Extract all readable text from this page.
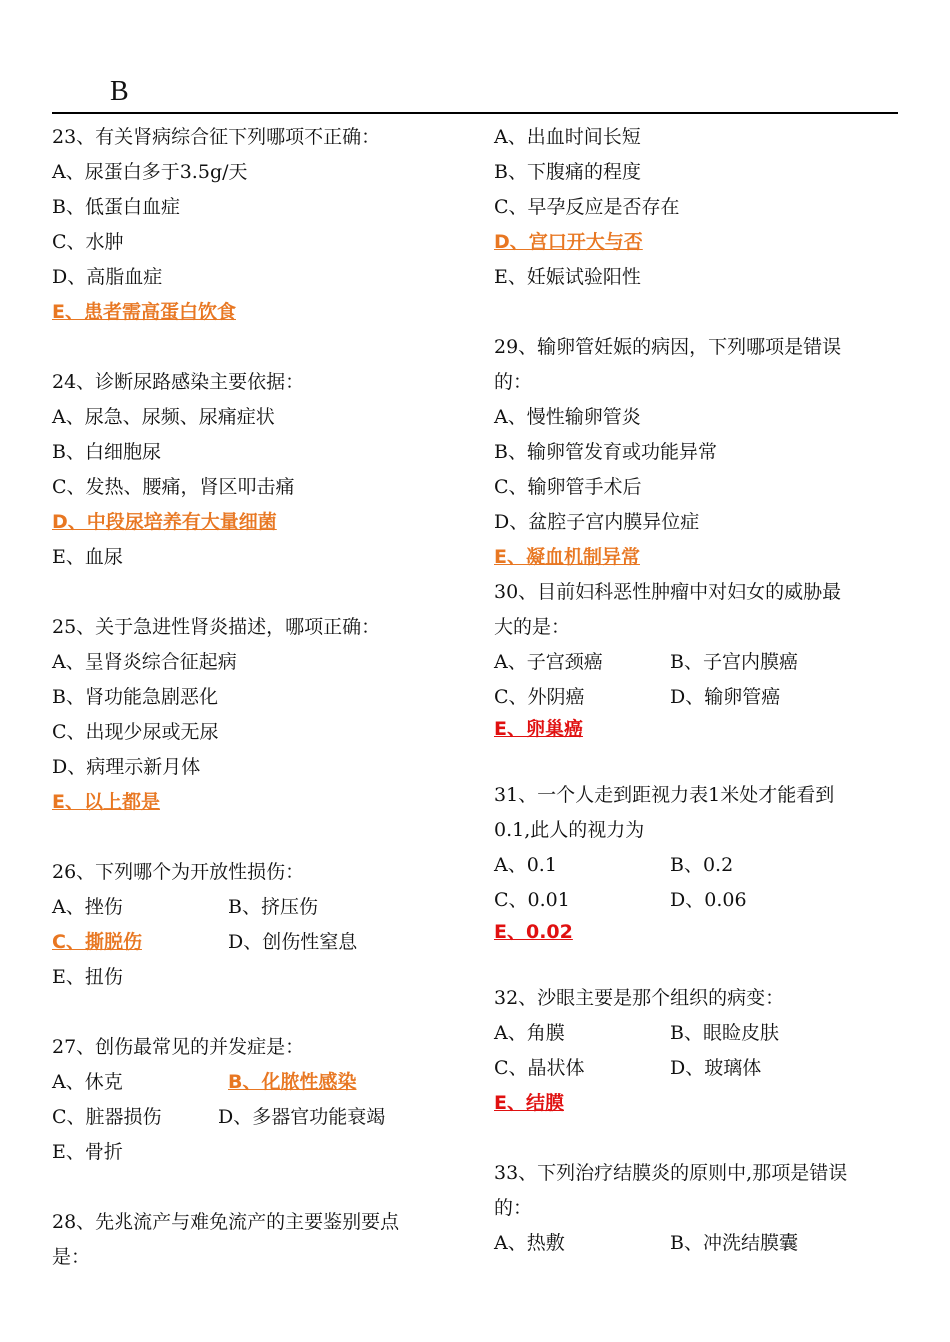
B
23、有关肾病综合征下列哪项不正确：
A、尿蛋白多于3.5g/天
B、低蛋白血症
C、水肿
D、高脂血症
E、患者需高蛋白饮食
24、诊断尿路感染主要依据：
A、尿急、尿频、尿痛症状
B、白细胞尿
C、发热、腰痛，肾区叩击痛
D、中段尿培养有大量细菌
E、血尿
25、关于急进性肾炎描述，哪项正确：
A、呈肾炎综合征起病
B、肾功能急剧恶化
C、出现少尿或无尿
D、病理示新月体
E、以上都是
26、下列哪个为开放性损伤：
A、挫伤	B、挤压伤
C、撕脱伤	D、创伤性窒息
E、扭伤
27、创伤最常见的并发症是：
A、休克	B、化脓性感染
C、脏器损伤	D、多器官功能衰竭
E、骨折
28、先兆流产与难免流产的主要鉴别要点
是：
A、出血时间长短
B、下腹痛的程度
C、早孕反应是否存在
D、宫口开大与否
E、妊娠试验阳性
29、输卵管妊娠的病因，下列哪项是错误
的：
A、慢性输卵管炎
B、输卵管发育或功能异常
C、输卵管手术后
D、盆腔子宫内膜异位症
E、凝血机制异常
30、目前妇科恶性肿瘤中对妇女的威胁最
大的是：
A、子宫颈癌	B、子宫内膜癌
C、外阴癌	D、输卵管癌
E、卵巢癌
31、一个人走到距视力表1米处才能看到
0.1,此人的视力为
A、0.1	B、0.2
C、0.01	D、0.06
E、0.02
32、沙眼主要是那个组织的病变：
A、角膜	B、眼睑皮肤
C、晶状体	D、玻璃体
E、结膜
33、下列治疗结膜炎的原则中,那项是错误
的：
A、热敷	B、冲洗结膜囊
